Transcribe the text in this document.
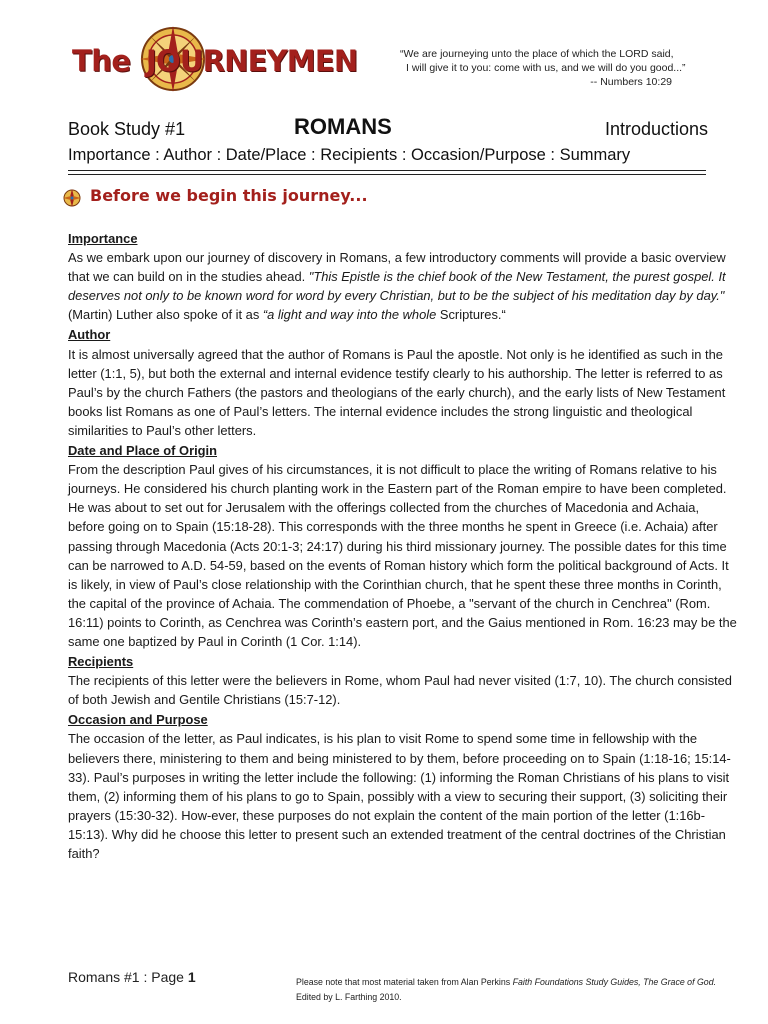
The JOURNEYMEN	“We are journeying unto the place of which the LORD said,
I will give it to you: come with us, and we will do you good...”
-- Numbers 10:29
Book Study #1	ROMANS	Introductions
Importance : Author : Date/Place : Recipients : Occasion/Purpose : Summary
Before we begin this journey...
Importance
As we embark upon our journey of discovery in Romans, a few introductory comments will provide a basic overview that we can build on in the studies ahead. "This Epistle is the chief book of the New Testament, the purest gospel. It deserves not only to be known word for word by every Christian, but to be the subject of his meditation day by day." (Martin) Luther also spoke of it as “a light and way into the whole Scriptures.“
Author
It is almost universally agreed that the author of Romans is Paul the apostle. Not only is he identified as such in the letter (1:1, 5), but both the external and internal evidence testify clearly to his authorship. The letter is referred to as Paul’s by the church Fathers (the pastors and theologians of the early church), and the early lists of New Testament books list Romans as one of Paul’s letters. The internal evidence includes the strong linguistic and theological similarities to Paul’s other letters.
Date and Place of Origin
From the description Paul gives of his circumstances, it is not difficult to place the writing of Romans relative to his journeys. He considered his church planting work in the Eastern part of the Roman empire to have been completed. He was about to set out for Jerusalem with the offerings collected from the churches of Macedonia and Achaia, before going on to Spain (15:18-28). This corresponds with the three months he spent in Greece (i.e. Achaia) after passing through Macedonia (Acts 20:1-3; 24:17) during his third missionary journey. The possible dates for this time can be narrowed to A.D. 54-59, based on the events of Roman history which form the political background of Acts. It is likely, in view of Paul’s close relationship with the Corinthian church, that he spent these three months in Corinth, the capital of the province of Achaia. The commendation of Phoebe, a "servant of the church in Cenchrea" (Rom. 16:11) points to Corinth, as Cenchrea was Corinth’s eastern port, and the Gaius mentioned in Rom. 16:23 may be the same one baptized by Paul in Corinth (1 Cor. 1:14).
Recipients
The recipients of this letter were the believers in Rome, whom Paul had never visited (1:7, 10). The church consisted of both Jewish and Gentile Christians (15:7-12).
Occasion and Purpose
The occasion of the letter, as Paul indicates, is his plan to visit Rome to spend some time in fellowship with the believers there, ministering to them and being ministered to by them, before proceeding on to Spain (1:18-16; 15:14-33). Paul’s purposes in writing the letter include the following: (1) informing the Roman Christians of his plans to visit them, (2) informing them of his plans to go to Spain, possibly with a view to securing their support, (3) soliciting their prayers (15:30-32). How-ever, these purposes do not explain the content of the main portion of the letter (1:16b-15:13). Why did he choose this letter to present such an extended treatment of the central doctrines of the Christian faith?
Romans #1 : Page 1	Please note that most material taken from Alan Perkins Faith Foundations Study Guides, The Grace of God.
Edited by L. Farthing 2010.
